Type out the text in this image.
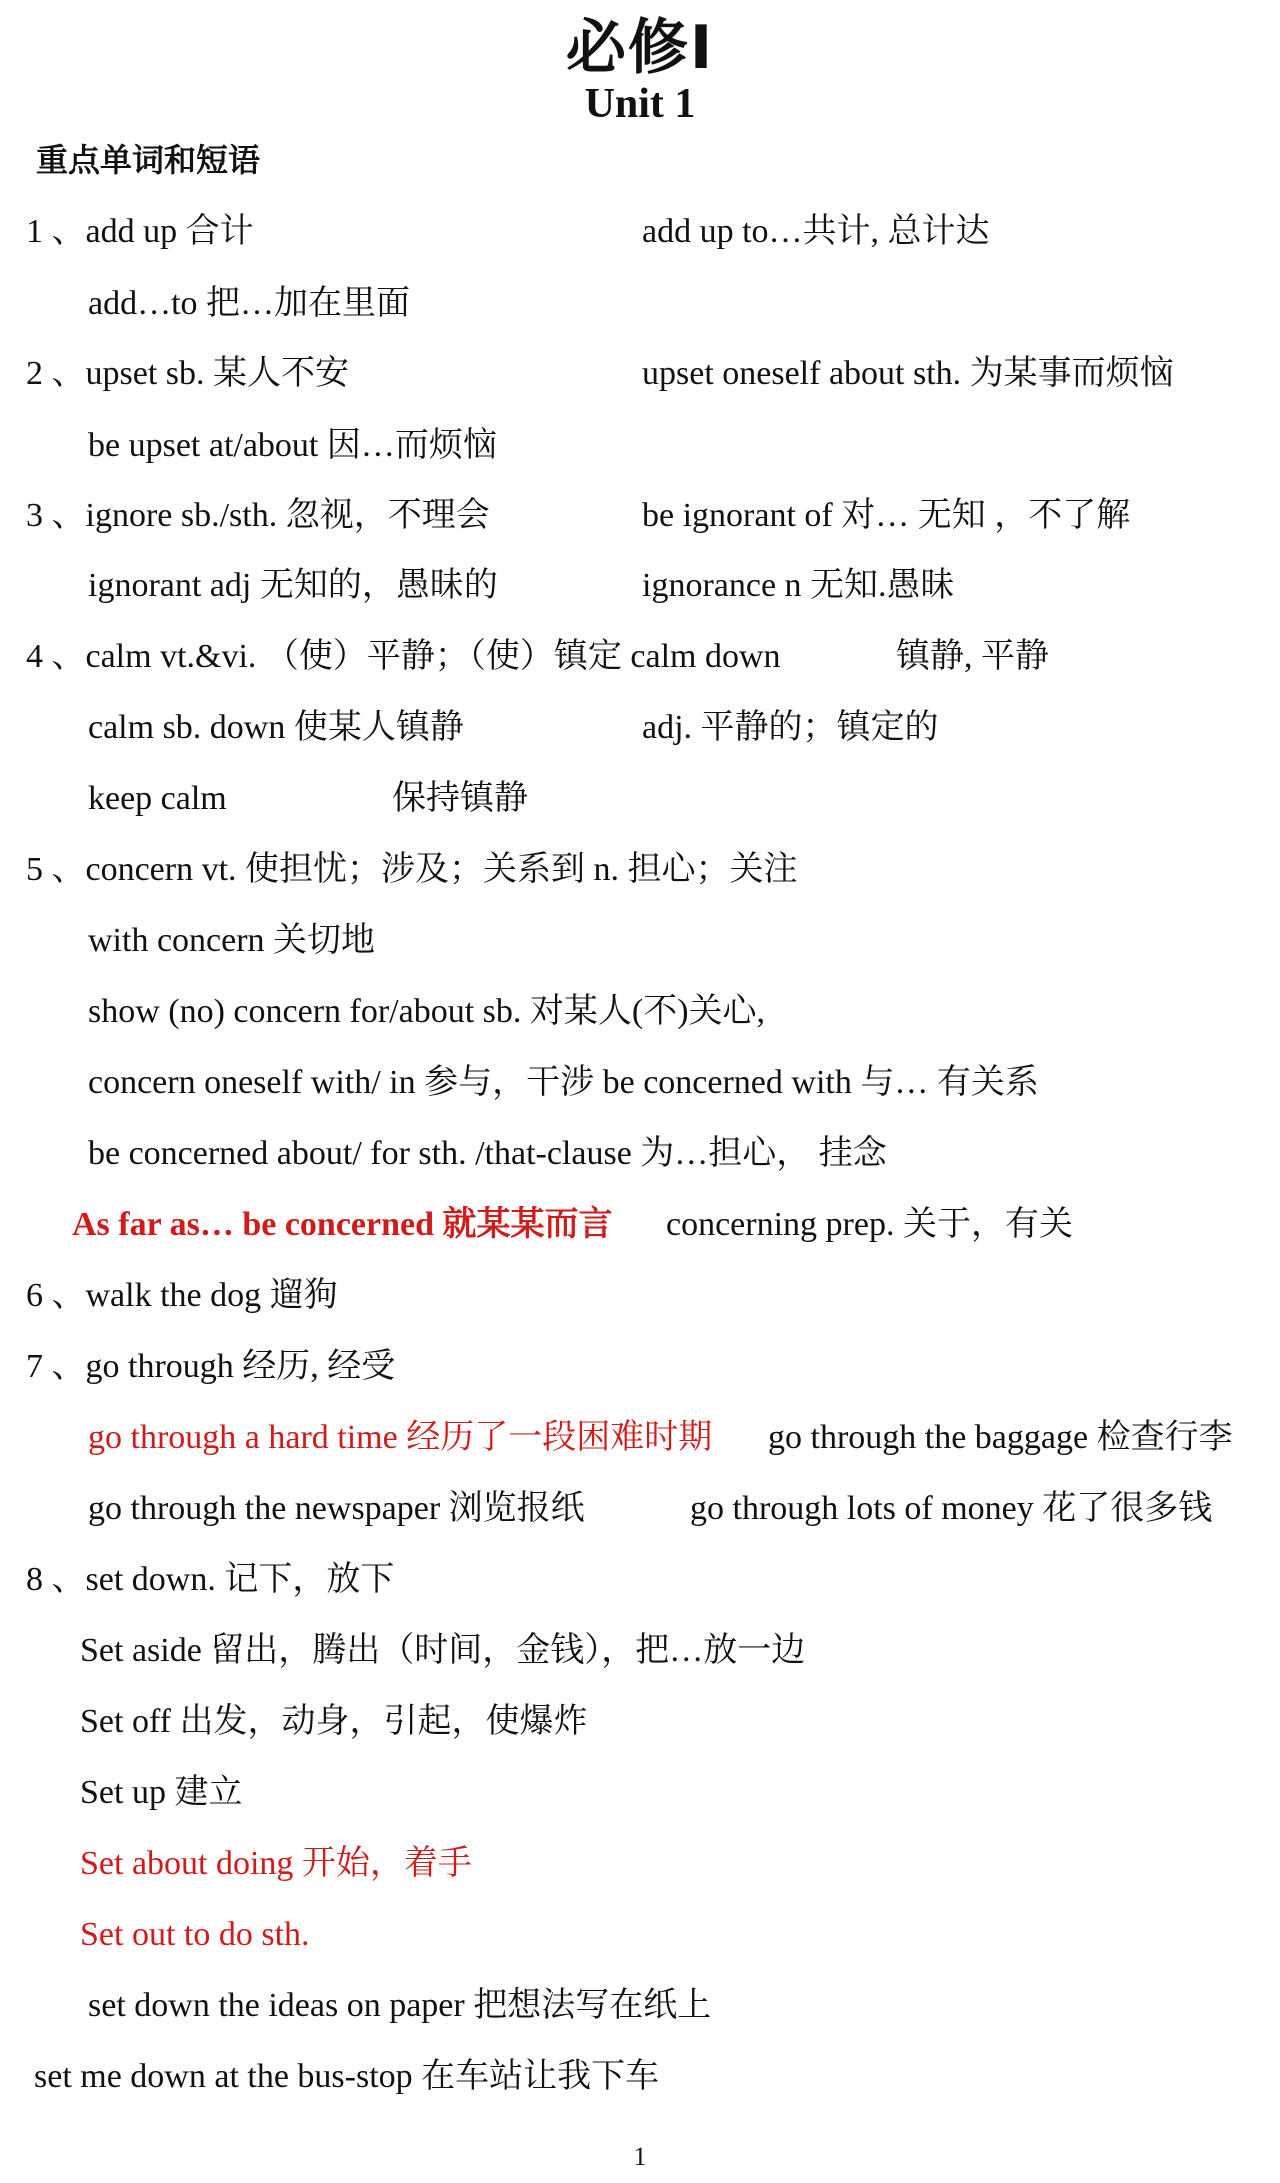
必修Ⅰ
Unit 1
重点单词和短语
1 、add up 合计	add up to…共计, 总计达
add…to 把…加在里面
2 、upset sb. 某人不安	upset oneself about sth. 为某事而烦恼
be upset at/about 因…而烦恼
3 、ignore sb./sth. 忽视，不理会	be ignorant of 对… 无知 ，不了解
ignorant adj 无知的，愚昧的	ignorance n 无知.愚昧
4 、calm vt.&vi. （使）平静；（使）镇定 calm down	镇静, 平静
calm sb. down 使某人镇静	adj. 平静的；镇定的
keep calm	保持镇静
5 、concern vt. 使担忧；涉及；关系到 n. 担心；关注
with concern 关切地
show (no) concern for/about sb. 对某人(不)关心,
concern oneself with/ in 参与，干涉 be concerned with 与… 有关系
be concerned about/ for sth. /that-clause 为…担心， 挂念
As far as… be concerned 就某某而言 concerning prep. 关于，有关
6 、walk the dog 遛狗
7 、go through 经历, 经受
go through a hard time 经历了一段困难时期 go through the baggage 检查行李
go through the newspaper 浏览报纸	go through lots of money 花了很多钱
8 、set down. 记下，放下
Set aside 留出，腾出（时间，金钱），把…放一边
Set off 出发，动身，引起，使爆炸
Set up 建立
Set about doing 开始，着手
Set out to do sth.
set down the ideas on paper 把想法写在纸上
set me down at the bus-stop 在车站让我下车
1
